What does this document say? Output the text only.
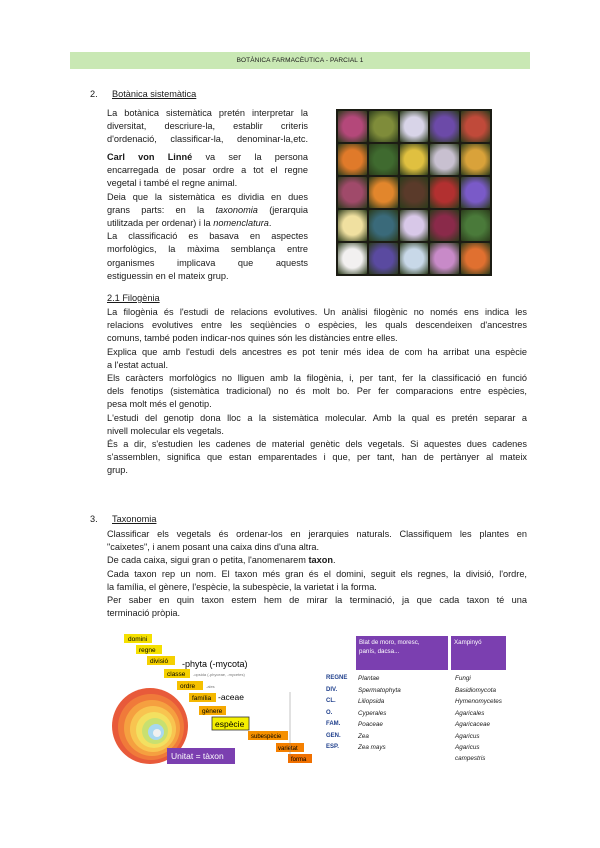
BOTÀNICA FARMACÈUTICA - PARCIAL 1
2. Botànica sistemàtica
La botànica sistemàtica pretén interpretar la
diversitat, descriure-la, establir criteris
d'ordenació, classificar-la, denominar-la,etc.
Carl von Linné va ser la persona
encarregada de posar ordre a tot el regne
vegetal i també el regne animal.
Deia que la sistemàtica es dividia en dues
grans parts: en la taxonomia (jerarquia
utilitzada per ordenar) i la nomenclatura.
La classificació es basava en aspectes
morfològics, la màxima semblança entre
organismes implicava que aquests
estiguessin en el mateix grup.
2.1 Filogènia
La filogènia és l'estudi de relacions evolutives. Un anàlisi filogènic no només ens indica les
relacions evolutives entre les seqüències o espècies, les quals descendeixen d'ancestres
comuns, també poden indicar-nos quines són les distàncies entre elles.
Explica que amb l'estudi dels ancestres es pot tenir més idea de com ha arribat una espècie
a l'estat actual.
Els caràcters morfològics no lliguen amb la filogènia, i, per tant, fer la classificació en funció
dels fenotips (sistemàtica tradicional) no és molt bo. Per fer comparacions entre espècies,
pesa molt més el genotip.
L'estudi del genotip dona lloc a la sistemàtica molecular. Amb la qual es pretén separar a
nivell molecular els vegetals.
És a dir, s'estudien les cadenes de material genètic dels vegetals. Si aquestes dues cadenes
s'assemblen, significa que estan emparentades i que, per tant, han de pertànyer al mateix
grup.
3. Taxonomia
Classificar els vegetals és ordenar-los en jerarquies naturals. Classifiquem les plantes en
"caixetes", i anem posant una caixa dins d'una altra.
De cada caixa, sigui gran o petita, l'anomenarem taxon.
Cada taxon rep un nom. El taxon més gran és el domini, seguit els regnes, la divisió, l'ordre,
la família, el gènere, l'espècie, la subespècie, la varietat i la forma.
Per saber en quin taxon estem hem de mirar la terminació, ja que cada taxon té una
terminació pròpia.
domini
regne
divisió -phyta (-mycota)
classe -opsida (-phyceae, -mycetes)
ordre	-ales
família -aceae
gènere
espècie
subespècie
varietat
forma
Unitat = tàxon
Blat de moro, moresc,
panís, dacsa...
Xampinyó
REGNE	Plantae	Fungi
DIV.	Spermatophyta	Basidiomycota
CL.	Liliopsida	Hymenomycetes
O.	Cyperales	Agaricales
FAM.	Poaceae	Agaricaceae
GEN.	Zea	Agaricus
ESP.	Zea mays	Agaricus campestris
